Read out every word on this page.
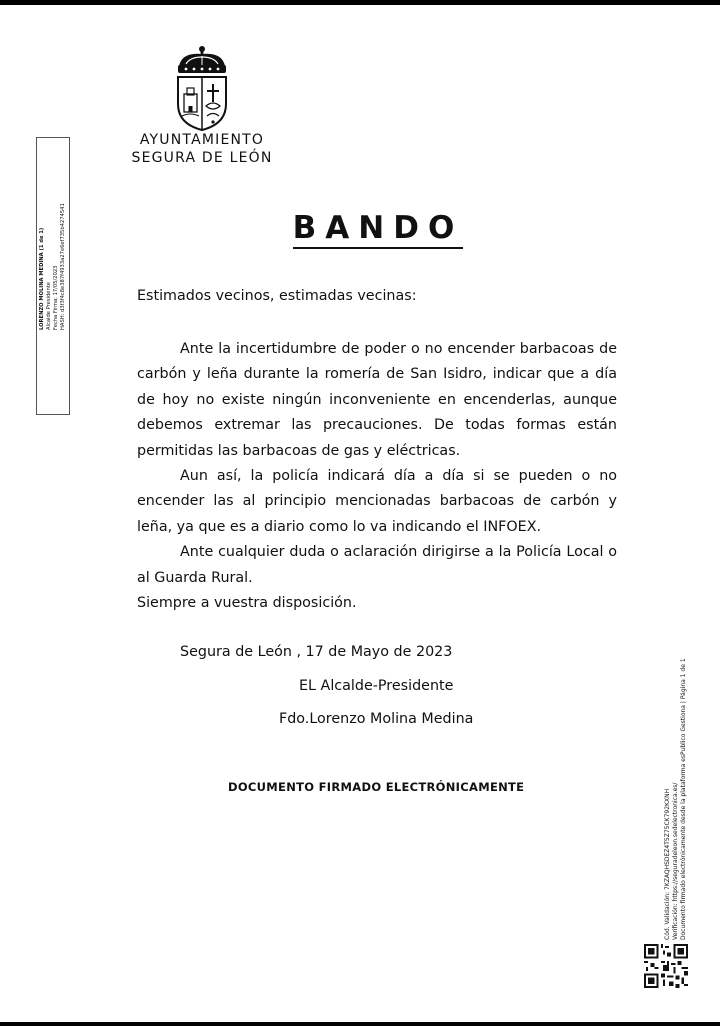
AYUNTAMIENTO
SEGURA DE LEÓN
LORENZO MOLINA MEDINA (1 de 1) Alcalde Presidente Fecha Firma: 17/05/2023 HASH: d3f3f4c8e387f4933a27e6ef735b4274541	BANDO
Estimados vecinos, estimadas vecinas:

Ante la incertidumbre de poder o no encender barbacoas de carbón y leña durante la romería de San Isidro, indicar que a día de hoy no existe ningún inconveniente en encenderlas, aunque debemos extremar las precauciones. De todas formas están permitidas las barbacoas de gas y eléctricas.

Aun así, la policía indicará día a día si se pueden o no encender las al principio mencionadas barbacoas de carbón y leña, ya que es a diario como lo va indicando el INFOEX.

Ante cualquier duda o aclaración dirigirse a la Policía Local o al Guarda Rural.

Siempre a vuestra disposición.

Segura de León , 17 de Mayo de 2023
EL Alcalde-Presidente
Fdo.Lorenzo Molina Medina
DOCUMENTO FIRMADO ELECTRÓNICAMENTE
Cód. Validación: 7KZAQHSDEZ4T5Z75CK792KXNH Verificación: https://seguradeleon.sedelectronica.es/ Documento firmado electrónicamente desde la plataforma esPublico Gestiona | Página 1 de 1
